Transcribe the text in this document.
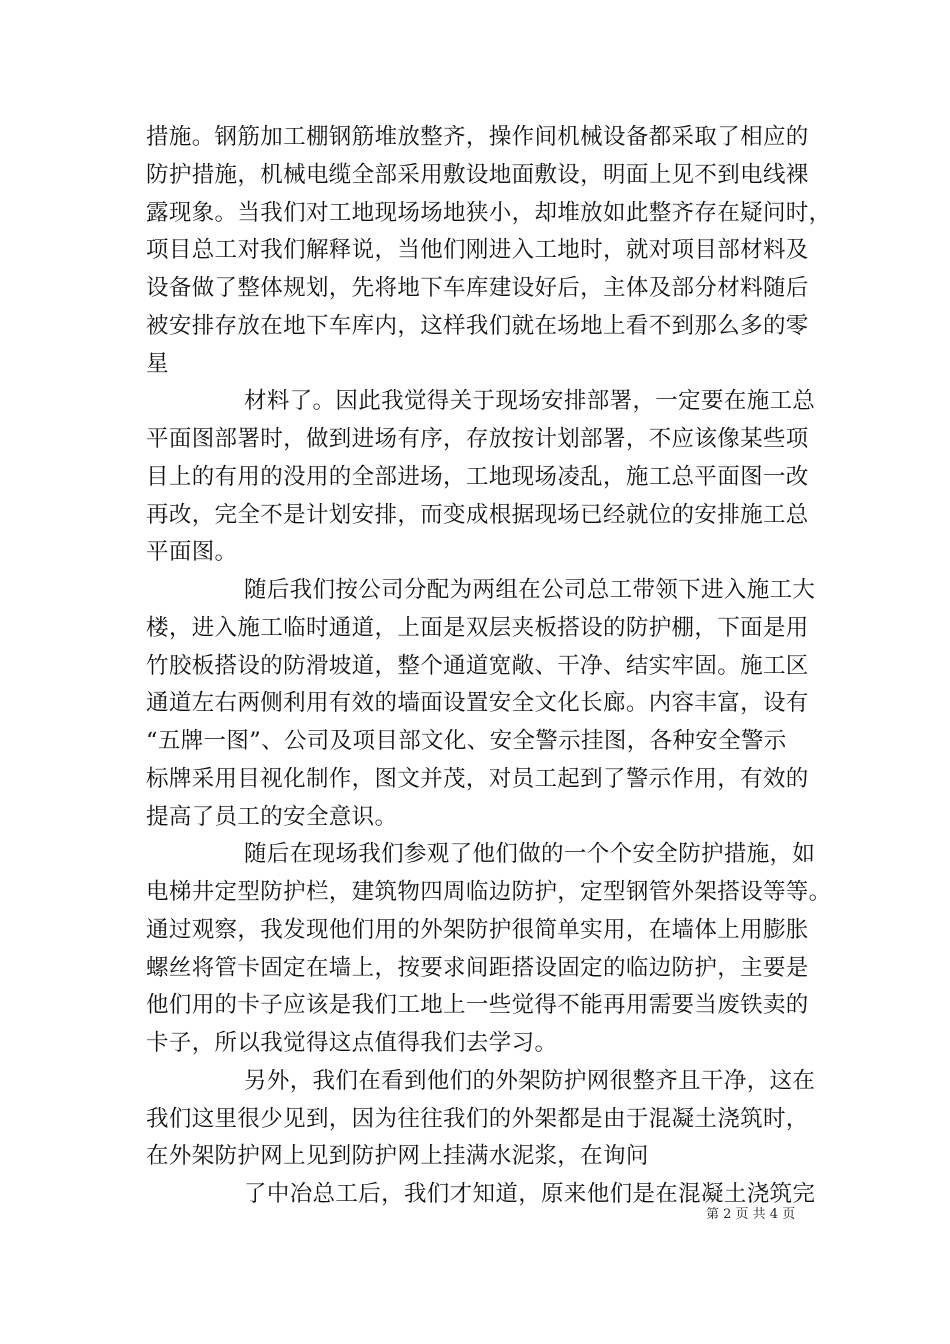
措施。钢筋加工棚钢筋堆放整齐，操作间机械设备都采取了相应的
防护措施，机械电缆全部采用敷设地面敷设，明面上见不到电线裸
露现象。当我们对工地现场场地狭小，却堆放如此整齐存在疑问时，
项目总工对我们解释说，当他们刚进入工地时，就对项目部材料及
设备做了整体规划，先将地下车库建设好后，主体及部分材料随后
被安排存放在地下车库内，这样我们就在场地上看不到那么多的零
星
材料了。因此我觉得关于现场安排部署，一定要在施工总
平面图部署时，做到进场有序，存放按计划部署，不应该像某些项
目上的有用的没用的全部进场，工地现场凌乱，施工总平面图一改
再改，完全不是计划安排，而变成根据现场已经就位的安排施工总
平面图。
随后我们按公司分配为两组在公司总工带领下进入施工大
楼，进入施工临时通道，上面是双层夹板搭设的防护棚，下面是用
竹胶板搭设的防滑坡道，整个通道宽敞、干净、结实牢固。施工区
通道左右两侧利用有效的墙面设置安全文化长廊。内容丰富，设有
“五牌一图”、公司及项目部文化、安全警示挂图，各种安全警示
标牌采用目视化制作，图文并茂，对员工起到了警示作用，有效的
提高了员工的安全意识。
随后在现场我们参观了他们做的一个个安全防护措施，如
电梯井定型防护栏，建筑物四周临边防护，定型钢管外架搭设等等。
通过观察，我发现他们用的外架防护很简单实用，在墙体上用膨胀
螺丝将管卡固定在墙上，按要求间距搭设固定的临边防护，主要是
他们用的卡子应该是我们工地上一些觉得不能再用需要当废铁卖的
卡子，所以我觉得这点值得我们去学习。
另外，我们在看到他们的外架防护网很整齐且干净，这在
我们这里很少见到，因为往往我们的外架都是由于混凝土浇筑时，
在外架防护网上见到防护网上挂满水泥浆，在询问
了中冶总工后，我们才知道，原来他们是在混凝土浇筑完
第 2 页 共 4 页
